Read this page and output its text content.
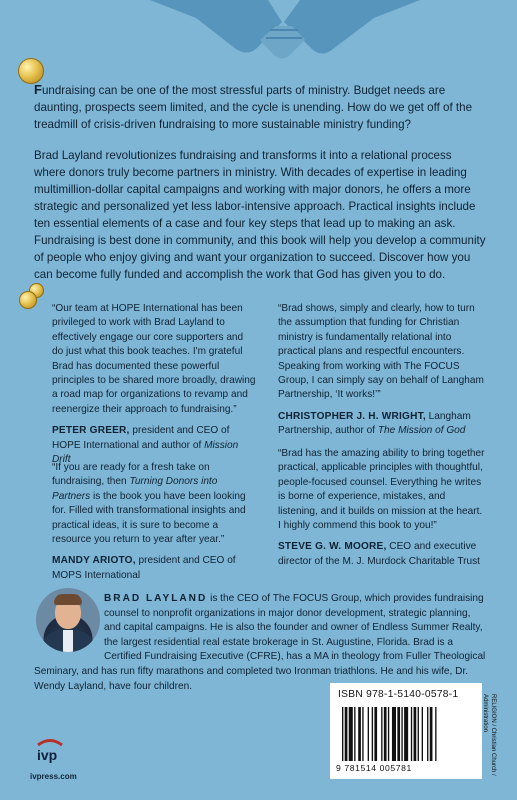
Fundraising can be one of the most stressful parts of ministry. Budget needs are daunting, prospects seem limited, and the cycle is unending. How do we get off of the treadmill of crisis-driven fundraising to more sustainable ministry funding?

Brad Layland revolutionizes fundraising and transforms it into a relational process where donors truly become partners in ministry. With decades of expertise in leading multimillion-dollar capital campaigns and working with major donors, he offers a more strategic and personalized yet less labor-intensive approach. Practical insights include ten essential elements of a case and four key steps that lead up to making an ask. Fundraising is best done in community, and this book will help you develop a community of people who enjoy giving and want your organization to succeed. Discover how you can become fully funded and accomplish the work that God has given you to do.

“Our team at HOPE International has been privileged to work with Brad Layland to effectively engage our core supporters and do just what this book teaches. I'm grateful Brad has documented these powerful principles to be shared more broadly, drawing a road map for organizations to revamp and reenergize their approach to fundraising.”

PETER GREER, president and CEO of HOPE International and author of Mission Drift

“Brad shows, simply and clearly, how to turn the assumption that funding for Christian ministry is fundamentally relational into practical plans and respectful encounters. Speaking from working with The FOCUS Group, I can simply say on behalf of Langham Partnership, ‘It works!’”

CHRISTOPHER J. H. WRIGHT, Langham Partnership, author of The Mission of God

“If you are ready for a fresh take on fundraising, then Turning Donors into Partners is the book you have been looking for. Filled with transformational insights and practical ideas, it is sure to become a resource you return to year after year.”

MANDY ARIOTO, president and CEO of MOPS International

“Brad has the amazing ability to bring together practical, applicable principles with thoughtful, people-focused counsel. Everything he writes is borne of experience, mistakes, and listening, and it builds on mission at the heart. I highly commend this book to you!”

STEVE G. W. MOORE, CEO and executive director of the M. J. Murdock Charitable Trust

BRAD LAYLAND is the CEO of The FOCUS Group, which provides fundraising counsel to nonprofit organizations in major donor development, strategic planning, and capital campaigns. He is also the founder and owner of Endless Summer Realty, the largest residential real estate brokerage in St. Augustine, Florida. Brad is a Certified Fundraising Executive (CFRE), has a MA in theology from Fuller Theological Seminary, and has run fifty marathons and completed two Ironman triathlons. He and his wife, Dr. Wendy Layland, have four children.

ivp
ivpress.com
ISBN 978-1-5140-0578-1
9 781514 005781	RELIGION / Christian Church /
Administration
